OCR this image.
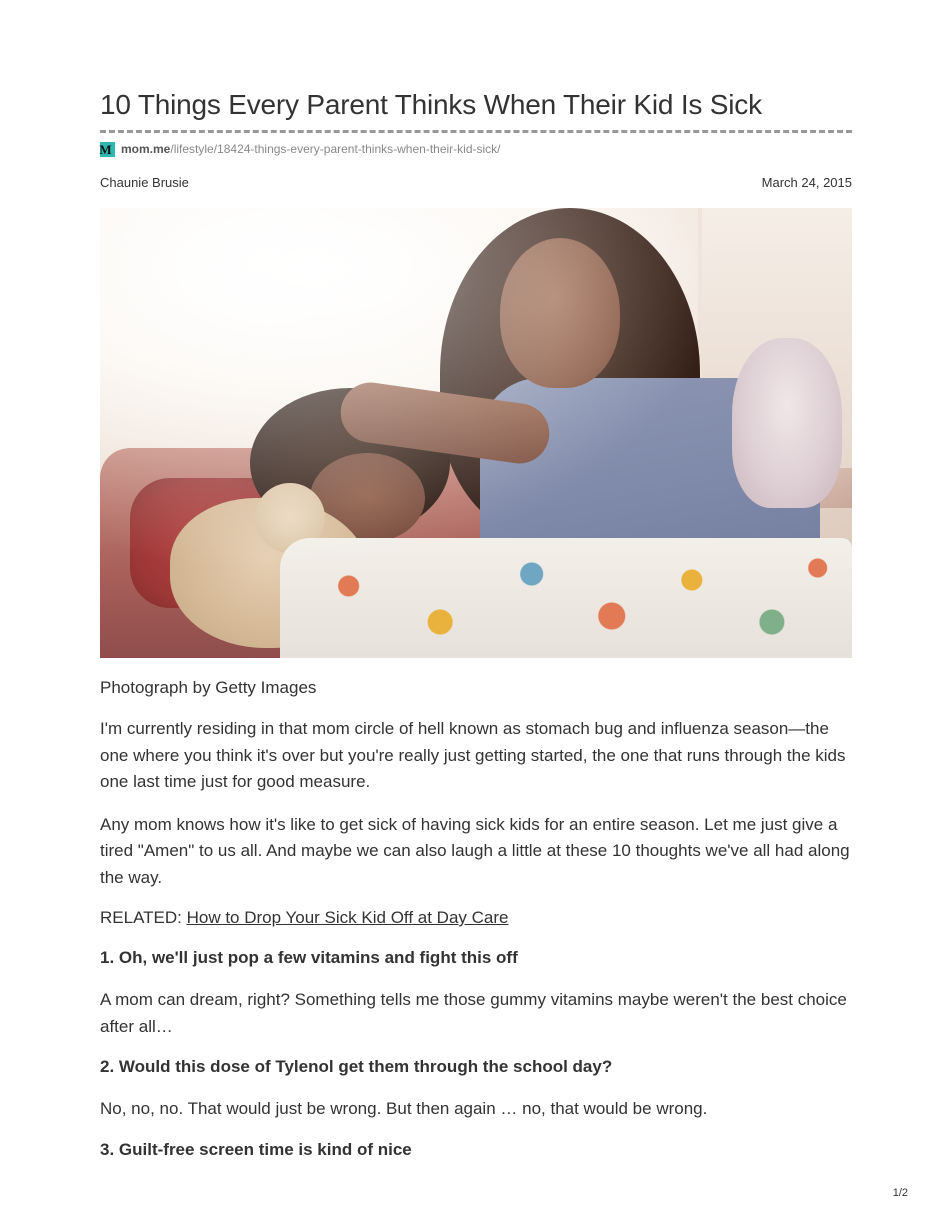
10 Things Every Parent Thinks When Their Kid Is Sick
M mom.me /lifestyle/18424-things-every-parent-thinks-when-their-kid-sick/
Chaunie Brusie	March 24, 2015
Photograph by Getty Images

I'm currently residing in that mom circle of hell known as stomach bug and influenza season—the one where you think it's over but you're really just getting started, the one that runs through the kids one last time just for good measure.

Any mom knows how it's like to get sick of having sick kids for an entire season. Let me just give a tired "Amen" to us all. And maybe we can also laugh a little at these 10 thoughts we've all had along the way.

RELATED: How to Drop Your Sick Kid Off at Day Care
1. Oh, we'll just pop a few vitamins and fight this off

A mom can dream, right? Something tells me those gummy vitamins maybe weren't the best choice after all…

2. Would this dose of Tylenol get them through the school day?

No, no, no. That would just be wrong. But then again … no, that would be wrong.

3. Guilt-free screen time is kind of nice
1/2
